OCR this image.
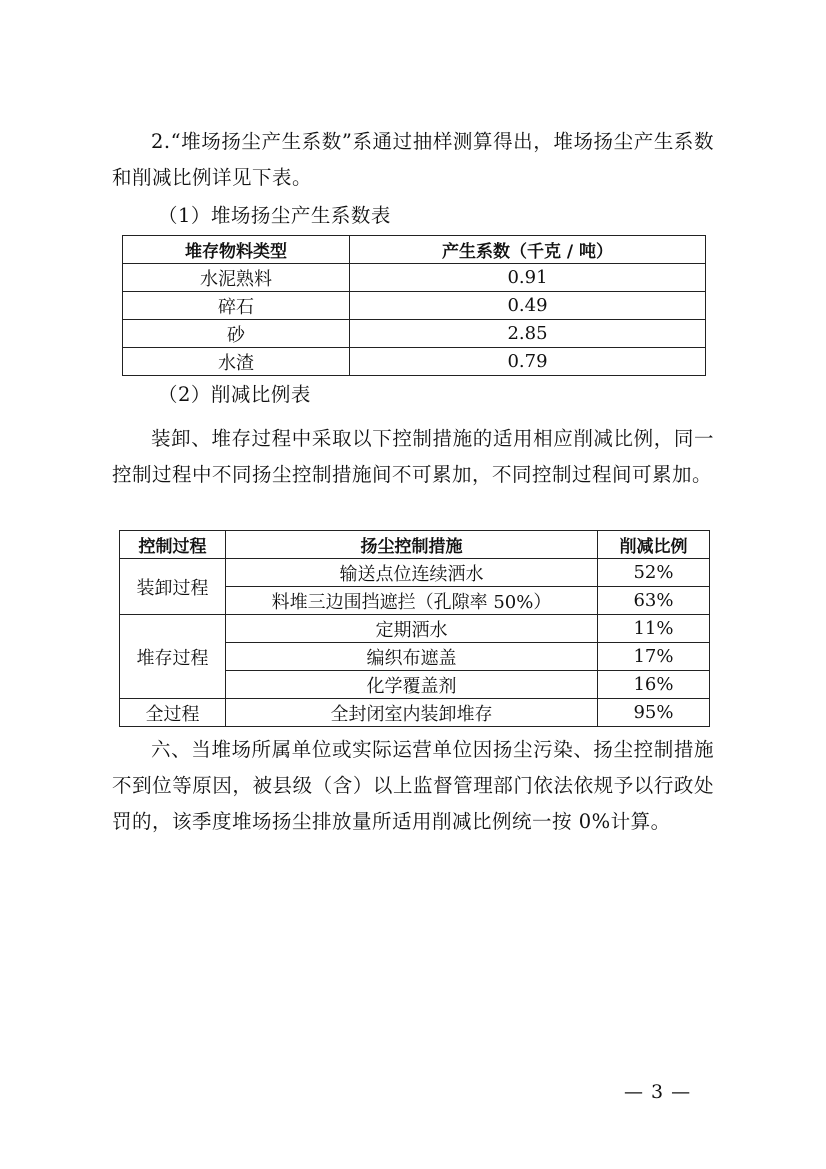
2.“堆场扬尘产生系数”系通过抽样测算得出，堆场扬尘产生系数和削减比例详见下表。

（1）堆场扬尘产生系数表

堆存物料类型	产生系数（千克 / 吨）
水泥熟料	0.91
碎石	0.49
砂	2.85
水渣	0.79

（2）削减比例表

装卸、堆存过程中采取以下控制措施的适用相应削减比例，同一控制过程中不同扬尘控制措施间不可累加，不同控制过程间可累加。

控制过程	扬尘控制措施	削减比例
装卸过程	输送点位连续洒水	52%
	料堆三边围挡遮拦（孔隙率 50%）	63%
堆存过程	定期洒水	11%
	编织布遮盖	17%
	化学覆盖剂	16%
全过程	全封闭室内装卸堆存	95%

六、当堆场所属单位或实际运营单位因扬尘污染、扬尘控制措施不到位等原因，被县级（含）以上监督管理部门依法依规予以行政处罚的，该季度堆场扬尘排放量所适用削减比例统一按 0%计算。

— 3 —
